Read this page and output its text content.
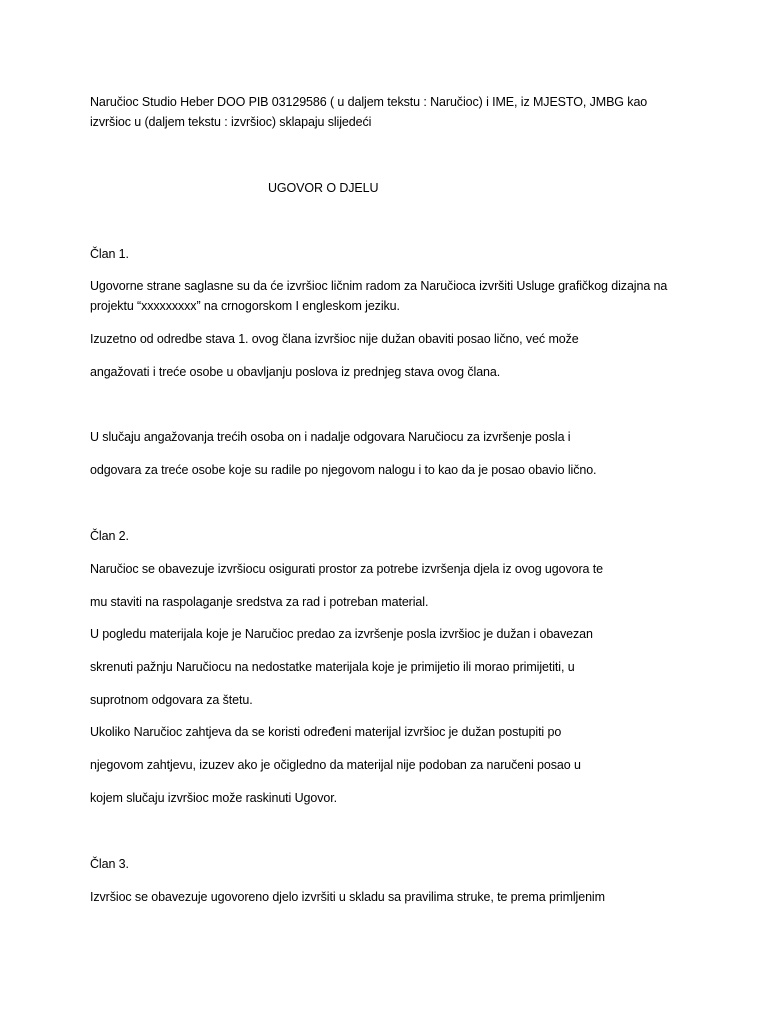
Naručioc Studio Heber DOO PIB 03129586 ( u daljem tekstu : Naručioc) i IME, iz MJESTO, JMBG kao
izvršioc u (daljem tekstu : izvršioc) sklapaju slijedeći
UGOVOR O DJELU
Član 1.
Ugovorne strane saglasne su da će izvršioc ličnim radom za Naručioca izvršiti Usluge grafičkog dizajna na
projektu “xxxxxxxxx” na crnogorskom I engleskom jeziku.
Izuzetno od odredbe stava 1. ovog člana izvršioc nije dužan obaviti posao lično, već može
angažovati i treće osobe u obavljanju poslova iz prednjeg stava ovog člana.
U slučaju angažovanja trećih osoba on i nadalje odgovara Naručiocu za izvršenje posla i
odgovara za treće osobe koje su radile po njegovom nalogu i to kao da je posao obavio lično.
Član 2.
Naručioc se obavezuje izvršiocu osigurati prostor za potrebe izvršenja djela iz ovog ugovora te
mu staviti na raspolaganje sredstva za rad i potreban material.
U pogledu materijala koje je Naručioc predao za izvršenje posla izvršioc je dužan i obavezan
skrenuti pažnju Naručiocu na nedostatke materijala koje je primijetio ili morao primijetiti, u
suprotnom odgovara za štetu.
Ukoliko Naručioc zahtjeva da se koristi određeni materijal izvršioc je dužan postupiti po
njegovom zahtjevu, izuzev ako je očigledno da materijal nije podoban za naručeni posao u
kojem slučaju izvršioc može raskinuti Ugovor.
Član 3.
Izvršioc se obavezuje ugovoreno djelo izvršiti u skladu sa pravilima struke, te prema primljenim
